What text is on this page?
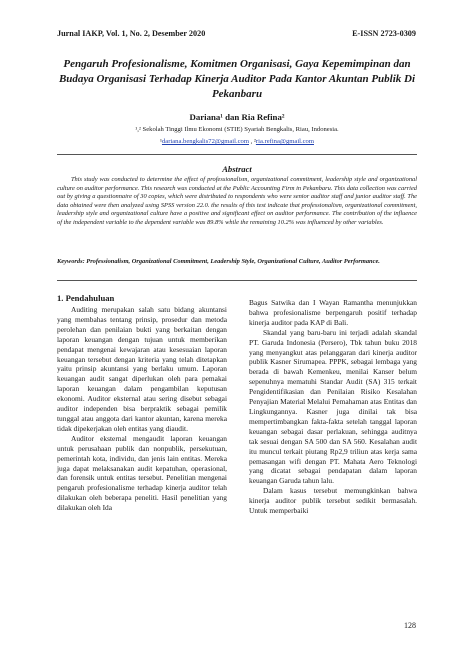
Jurnal IAKP, Vol. 1, No. 2, Desember 2020	E-ISSN 2723-0309
Pengaruh Profesionalisme, Komitmen Organisasi, Gaya Kepemimpinan dan Budaya Organisasi Terhadap Kinerja Auditor Pada Kantor Akuntan Publik Di Pekanbaru
Dariana¹ dan Ria Refina²
¹,² Sekolah Tinggi Ilmu Ekonomi (STIE) Syariah Bengkalis, Riau, Indonesia.
¹dariana.bengkalis72@gmail.com , ²ria.refina@gmail.com
Abstract
This study was conducted to determine the effect of professionalism, organizational commitment, leadership style and organizational culture on auditor performance. This research was conducted at the Public Accounting Firm in Pekanbaru. This data collection was carried out by giving a questionnaire of 30 copies, which were distributed to respondents who were senior auditor staff and junior auditor staff. The data obtained were then analyzed using SPSS version 22.0. the results of this test indicate that professionalism, organizational commitment, leadership style and organizational culture have a positive and significant effect on auditor performance. The contribution of the influence of the independent variable to the dependent variable was 89.8% while the remaining 10.2% was influenced by other variables.
Keywords: Professionalism, Organizational Commitment, Leadership Style, Organizational Culture, Auditor Performance.
1. Pendahuluan

Auditing merupakan salah satu bidang akuntansi yang membahas tentang prinsip, prosedur dan metoda perolehan dan penilaian bukti yang berkaitan dengan laporan keuangan dengan tujuan untuk memberikan pendapat mengenai kewajaran atau kesesuaian laporan keuangan tersebut dengan kriteria yang telah ditetapkan yaitu prinsip akuntansi yang berlaku umum. Laporan keuangan audit sangat diperlukan oleh para pemakai laporan keuangan dalam pengambilan keputusan ekonomi. Auditor eksternal atau sering disebut sebagai auditor independen bisa berpraktik sebagai pemilik tunggal atau anggota dari kantor akuntan, karena mereka tidak dipekerjakan oleh entitas yang diaudit.

Auditor eksternal mengaudit laporan keuangan untuk perusahaan publik dan nonpublik, persekutuan, pemerintah kota, individu, dan jenis lain entitas. Mereka juga dapat melaksanakan audit kepatuhan, operasional, dan forensik untuk entitas tersebut. Penelitian mengenai pengaruh profesionalisme terhadap kinerja auditor telah dilakukan oleh beberapa peneliti. Hasil penelitian yang dilakukan oleh Ida

Bagus Satwika dan I Wayan Ramantha menunjukkan bahwa profesionalisme berpengaruh positif terhadap kinerja auditor pada KAP di Bali.

Skandal yang baru-baru ini terjadi adalah skandal PT. Garuda Indonesia (Persero), Tbk tahun buku 2018 yang menyangkut atas pelanggaran dari kinerja auditor publik Kasner Sirumapea. PPPK, sebagai lembaga yang berada di bawah Kemenkeu, menilai Kanser belum sepenuhnya mematuhi Standar Audit (SA) 315 terkait Pengidentifikasian dan Penilaian Risiko Kesalahan Penyajian Material Melalui Pemahaman atas Entitas dan Lingkungannya. Kasner juga dinilai tak bisa mempertimbangkan fakta-fakta setelah tanggal laporan keuangan sebagai dasar perlakuan, sehingga auditnya tak sesuai dengan SA 500 dan SA 560. Kesalahan audit itu muncul terkait piutang Rp2,9 triliun atas kerja sama pemasangan wifi dengan PT. Mahata Aero Teknologi yang dicatat sebagai pendapatan dalam laporan keuangan Garuda tahun lalu.

Dalam kasus tersebut memungkinkan bahwa kinerja auditor publik tersebut sedikit bermasalah. Untuk memperbaiki

128
